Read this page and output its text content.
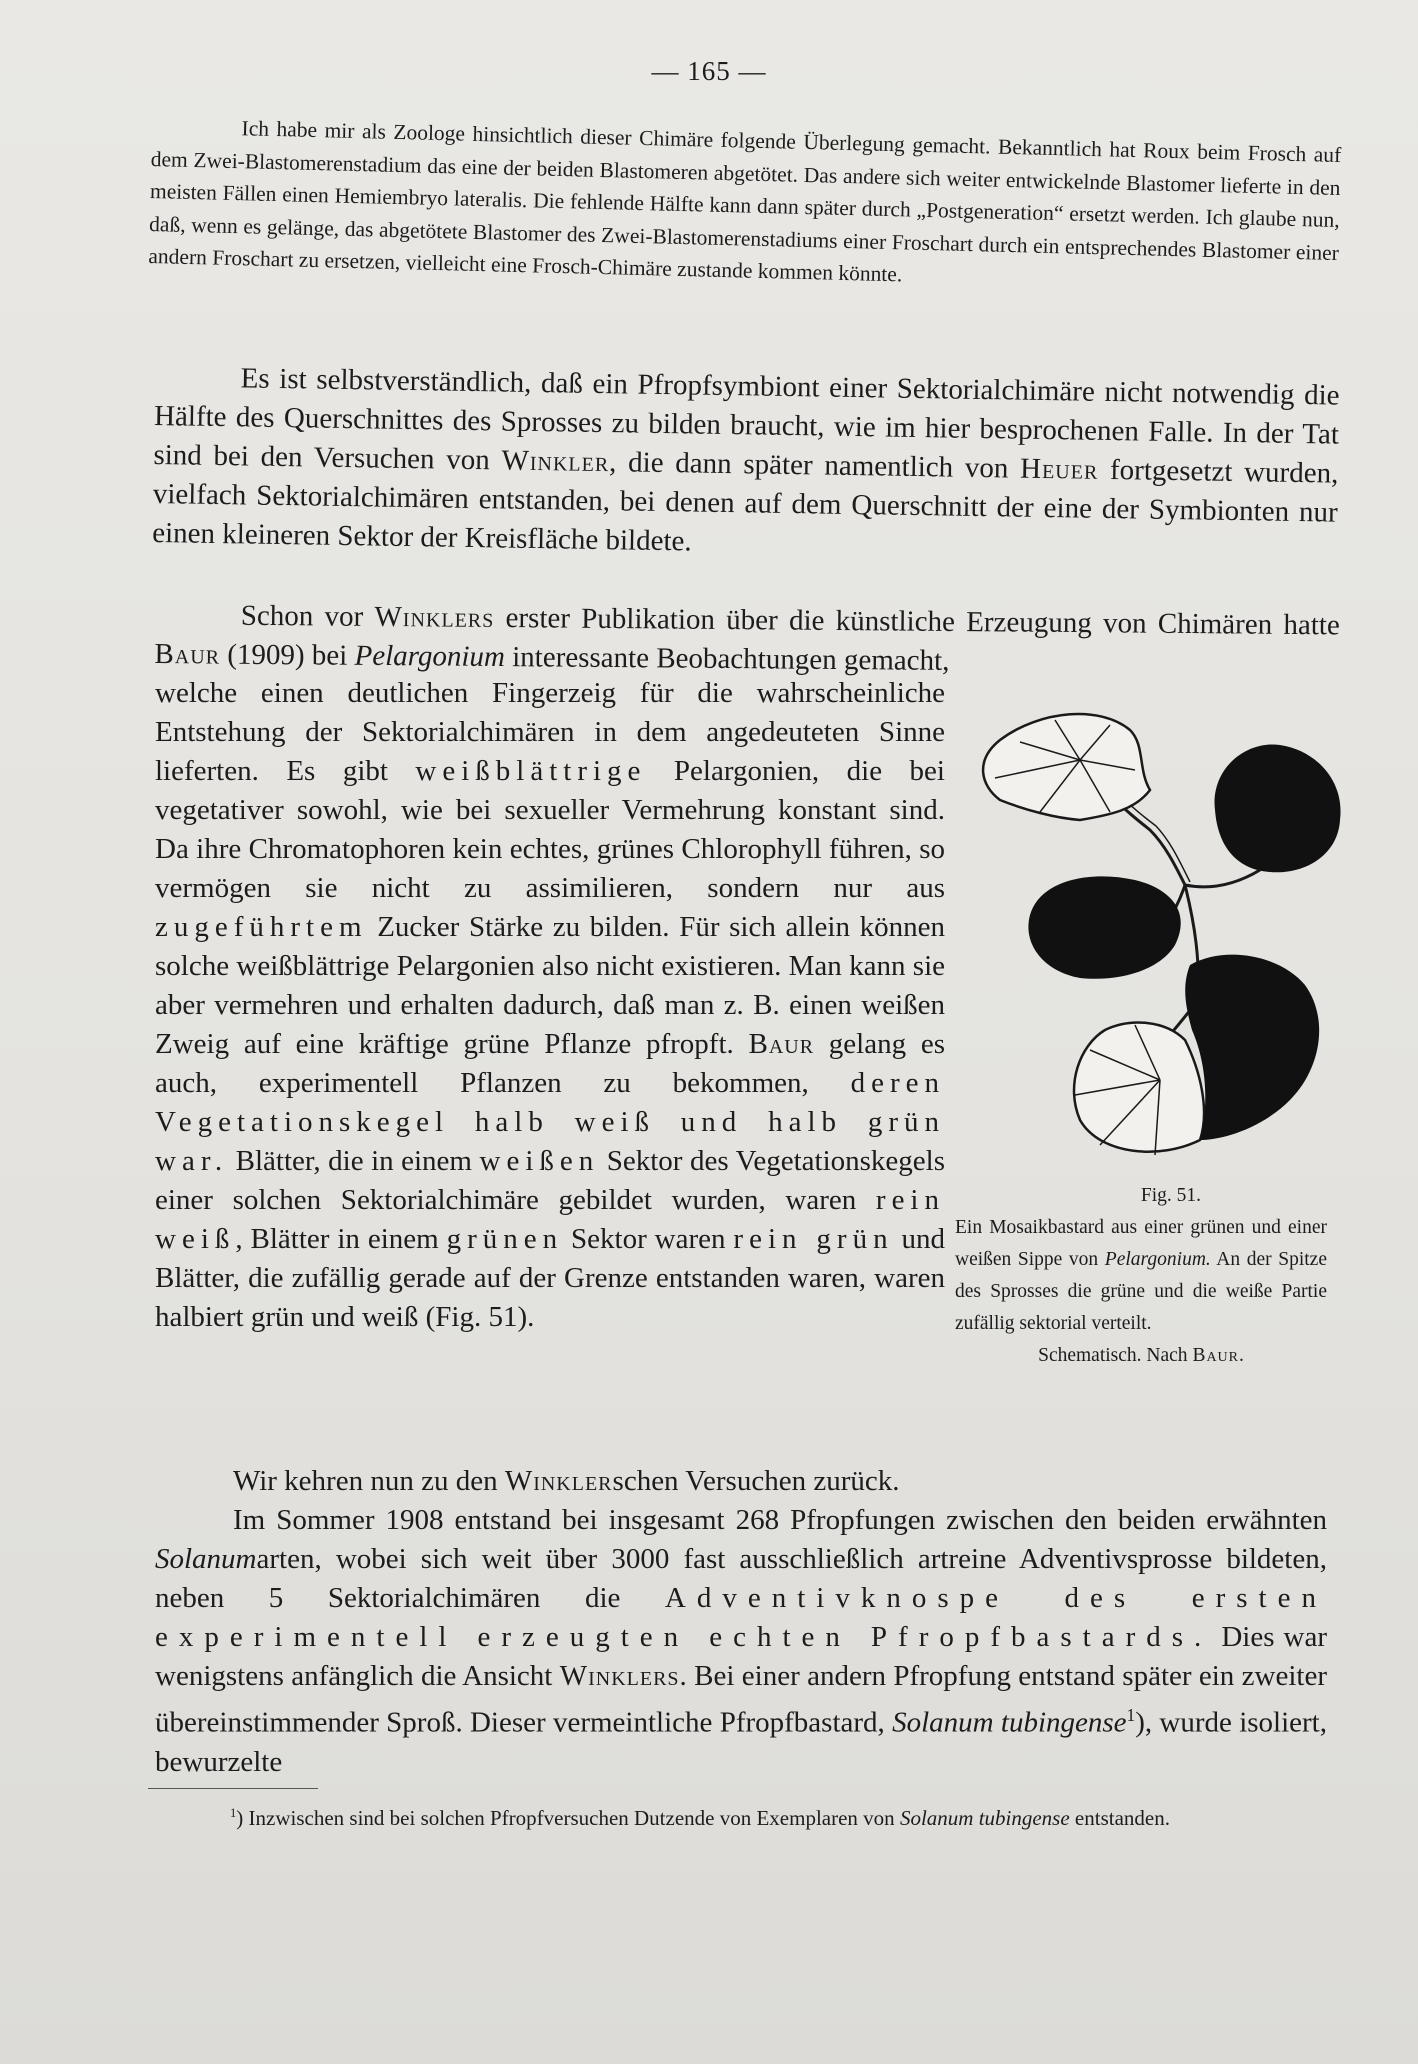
— 165 —

Ich habe mir als Zoologe hinsichtlich dieser Chimäre folgende Überlegung gemacht. Bekanntlich hat Roux beim Frosch auf dem Zwei-Blastomerenstadium das eine der beiden Blastomeren abgetötet. Das andere sich weiter entwickelnde Blastomer lieferte in den meisten Fällen einen Hemiembryo lateralis. Die fehlende Hälfte kann dann später durch „Postgeneration“ ersetzt werden. Ich glaube nun, daß, wenn es gelänge, das abgetötete Blastomer des Zwei-Blastomerenstadiums einer Froschart durch ein entsprechendes Blastomer einer andern Froschart zu ersetzen, vielleicht eine Frosch-Chimäre zustande kommen könnte.

Es ist selbstverständlich, daß ein Pfropfsymbiont einer Sektorialchimäre nicht notwendig die Hälfte des Querschnittes des Sprosses zu bilden braucht, wie im hier besprochenen Falle. In der Tat sind bei den Versuchen von Winkler, die dann später namentlich von Heuer fortgesetzt wurden, vielfach Sektorialchimären entstanden, bei denen auf dem Querschnitt der eine der Symbionten nur einen kleineren Sektor der Kreisfläche bildete.

Schon vor Winklers erster Publikation über die künstliche Erzeugung von Chimären hatte Baur (1909) bei Pelargonium interessante Beobachtungen gemacht,

welche einen deutlichen Fingerzeig für die wahrscheinliche Entstehung der Sektorialchimären in dem angedeuteten Sinne lieferten. Es gibt weißblättrige Pelargonien, die bei vegetativer sowohl, wie bei sexueller Vermehrung konstant sind. Da ihre Chromatophoren kein echtes, grünes Chlorophyll führen, so vermögen sie nicht zu assimilieren, sondern nur aus zugeführtem Zucker Stärke zu bilden. Für sich allein können solche weißblättrige Pelargonien also nicht existieren. Man kann sie aber vermehren und erhalten dadurch, daß man z. B. einen weißen Zweig auf eine kräftige grüne Pflanze pfropft. Baur gelang es auch, experimentell Pflanzen zu bekommen, deren Vegetationskegel halb weiß und halb grün war. Blätter, die in einem weißen Sektor des Vegetationskegels einer solchen Sektorialchimäre gebildet wurden, waren rein weiß, Blätter in einem grünen Sektor waren rein grün und Blätter, die zufällig gerade auf der Grenze entstanden waren, waren halbiert grün und weiß (Fig. 51).

Fig. 51.
Ein Mosaikbastard aus einer grünen und einer weißen Sippe von Pelargonium. An der Spitze des Sprosses die grüne und die weiße Partie zufällig sektorial verteilt.
Schematisch. Nach Baur.

Wir kehren nun zu den Winklerschen Versuchen zurück.

Im Sommer 1908 entstand bei insgesamt 268 Pfropfungen zwischen den beiden erwähnten Solanumarten, wobei sich weit über 3000 fast ausschließlich artreine Adventivsprosse bildeten, neben 5 Sektorialchimären die Adventivknospe des ersten experimentell erzeugten echten Pfropfbastards. Dies war wenigstens anfänglich die Ansicht Winklers. Bei einer andern Pfropfung entstand später ein zweiter übereinstimmender Sproß. Dieser vermeintliche Pfropfbastard, Solanum tubingense$^1$), wurde isoliert, bewurzelte

$^1$) Inzwischen sind bei solchen Pfropfversuchen Dutzende von Exemplaren von Solanum tubingense entstanden.
